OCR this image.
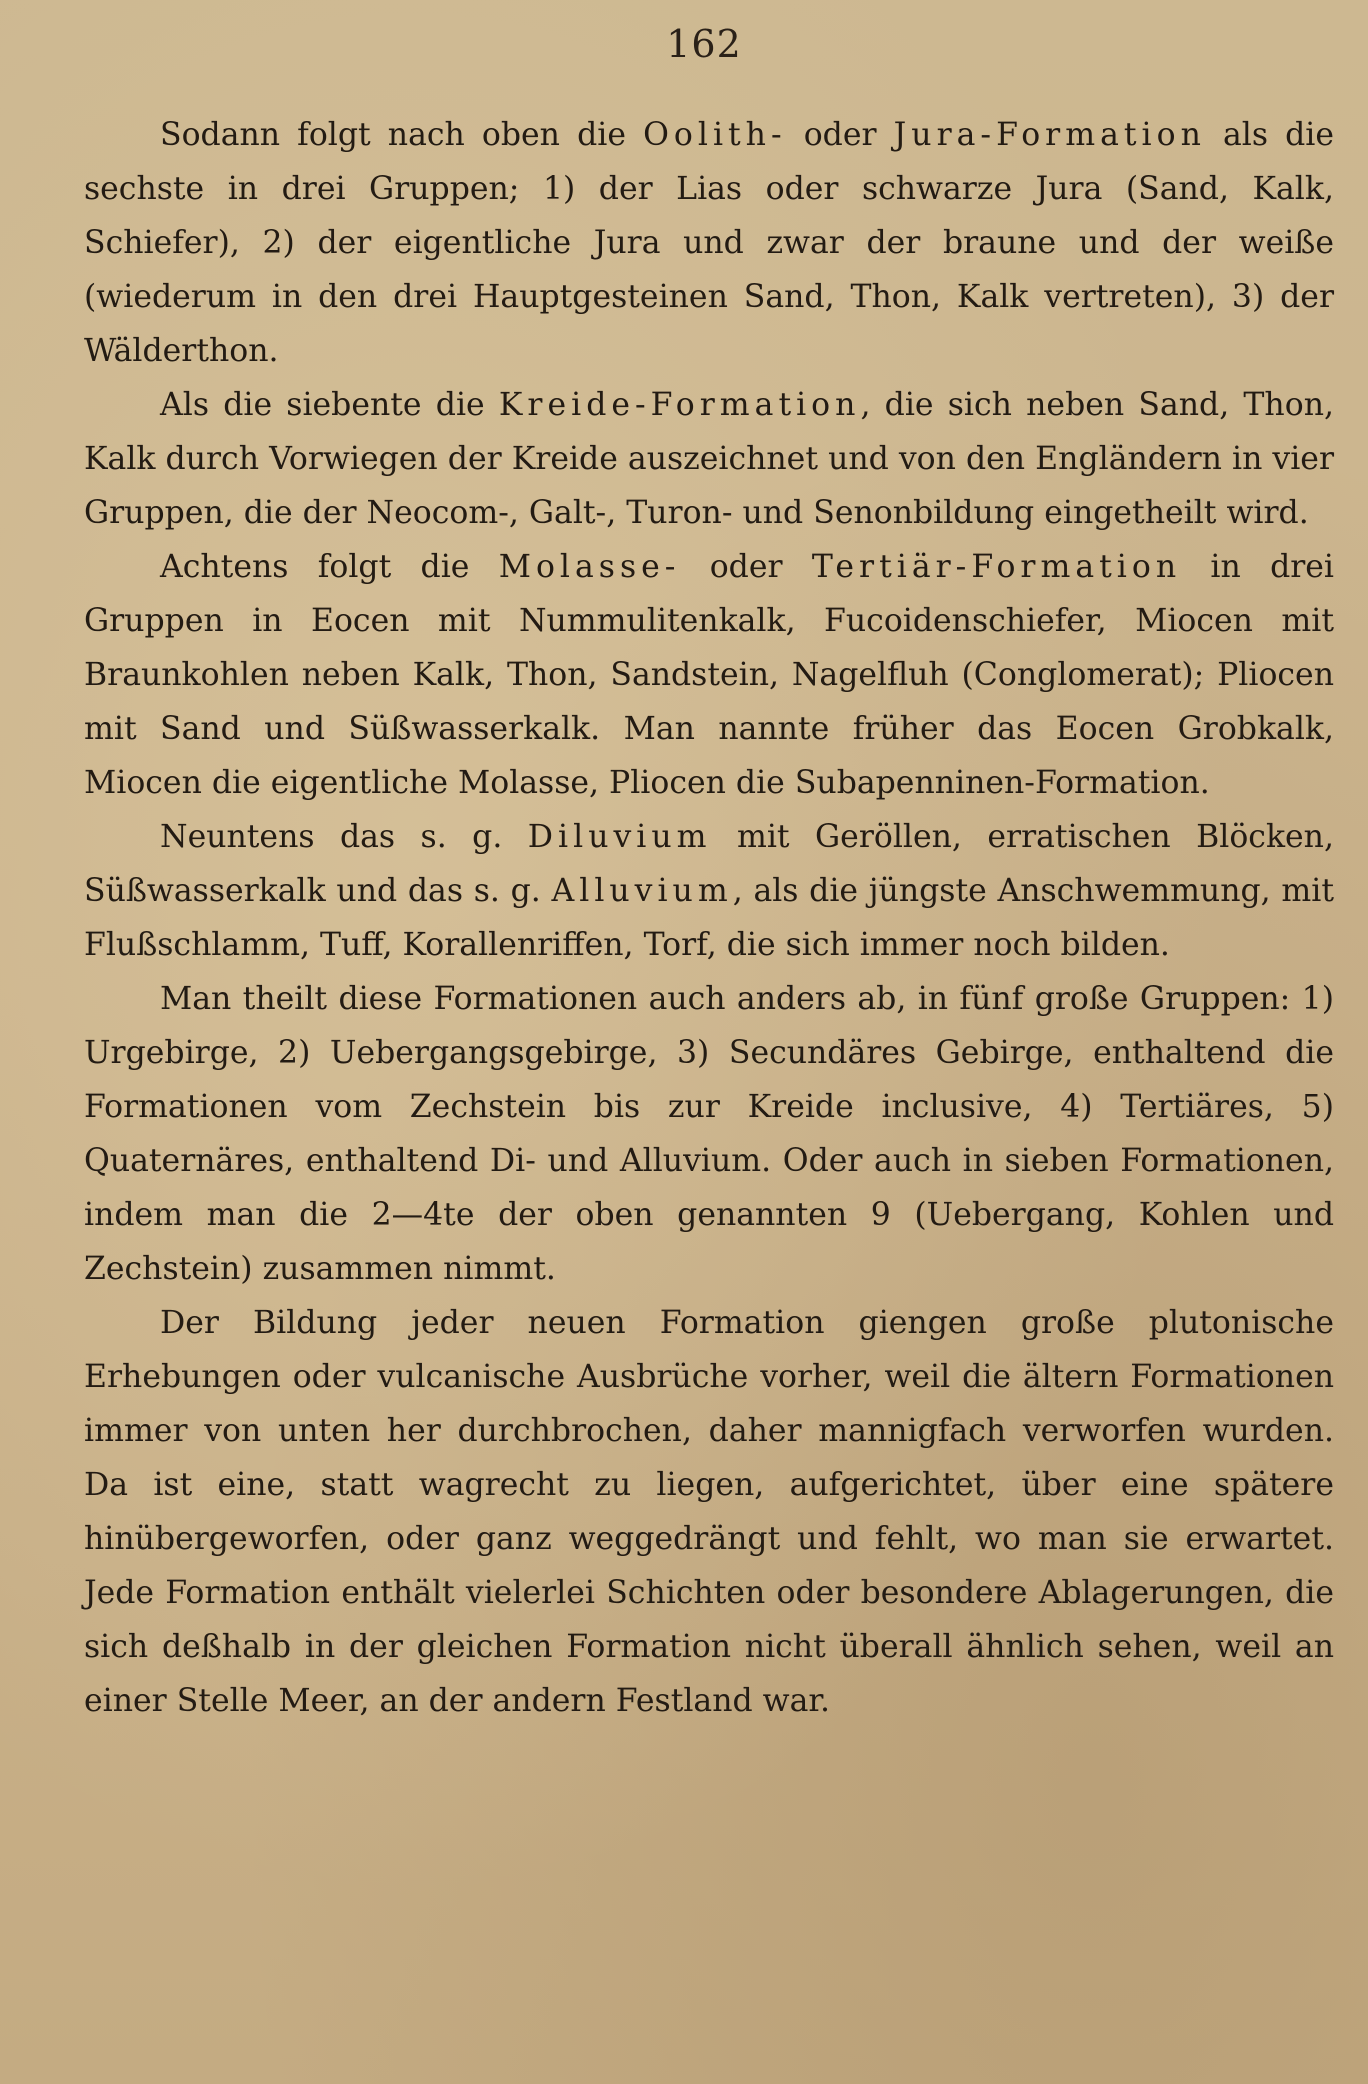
162

Sodann folgt nach oben die Oolith- oder Jura-Formation als die sechste in drei Gruppen; 1) der Lias oder schwarze Jura (Sand, Kalk, Schiefer), 2) der eigentliche Jura und zwar der braune und der weiße (wiederum in den drei Hauptgesteinen Sand, Thon, Kalk vertreten), 3) der Wälderthon.

Als die siebente die Kreide-Formation, die sich neben Sand, Thon, Kalk durch Vorwiegen der Kreide auszeichnet und von den Engländern in vier Gruppen, die der Neocom-, Galt-, Turon- und Senonbildung eingetheilt wird.

Achtens folgt die Molasse- oder Tertiär-Formation in drei Gruppen in Eocen mit Nummulitenkalk, Fucoidenschiefer, Miocen mit Braunkohlen neben Kalk, Thon, Sandstein, Nagelfluh (Conglomerat); Pliocen mit Sand und Süßwasserkalk. Man nannte früher das Eocen Grobkalk, Miocen die eigentliche Molasse, Pliocen die Subapenninen-Formation.

Neuntens das s. g. Diluvium mit Geröllen, erratischen Blöcken, Süßwasserkalk und das s. g. Alluvium, als die jüngste Anschwemmung, mit Flußschlamm, Tuff, Korallenriffen, Torf, die sich immer noch bilden.

Man theilt diese Formationen auch anders ab, in fünf große Gruppen: 1) Urgebirge, 2) Uebergangsgebirge, 3) Secundäres Gebirge, enthaltend die Formationen vom Zechstein bis zur Kreide inclusive, 4) Tertiäres, 5) Quaternäres, enthaltend Di- und Alluvium. Oder auch in sieben Formationen, indem man die 2—4te der oben genannten 9 (Uebergang, Kohlen und Zechstein) zusammen nimmt.

Der Bildung jeder neuen Formation giengen große plutonische Erhebungen oder vulcanische Ausbrüche vorher, weil die ältern Formationen immer von unten her durchbrochen, daher mannigfach verworfen wurden. Da ist eine, statt wagrecht zu liegen, aufgerichtet, über eine spätere hinübergeworfen, oder ganz weggedrängt und fehlt, wo man sie erwartet. Jede Formation enthält vielerlei Schichten oder besondere Ablagerungen, die sich deßhalb in der gleichen Formation nicht überall ähnlich sehen, weil an einer Stelle Meer, an der andern Festland war.
